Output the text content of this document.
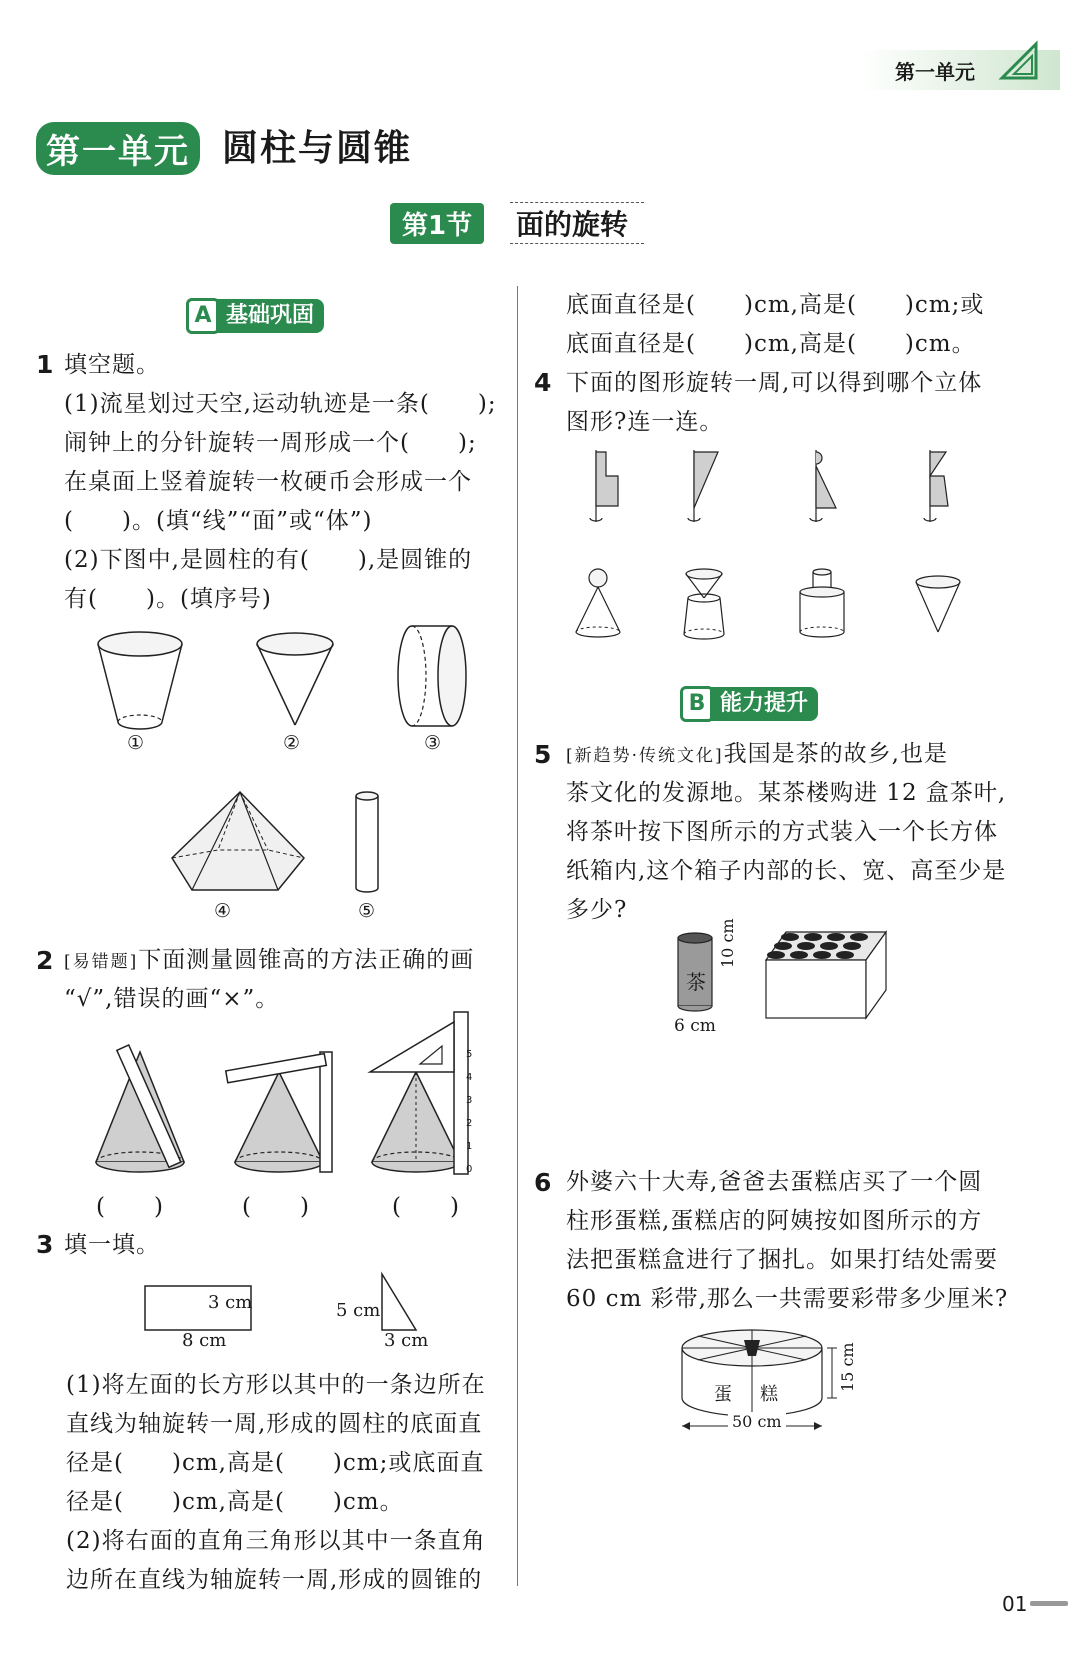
第一单元
第一单元 圆柱与圆锥
第1节	面的旋转
A 基础巩固
1 填空题。
(1)流星划过天空,运动轨迹是一条(　　);
闹钟上的分针旋转一周形成一个(　　);
在桌面上竖着旋转一枚硬币会形成一个
(　　)。(填“线”“面”或“体”)
(2)下图中,是圆柱的有(　　),是圆锥的
有(　　)。(填序号)
①	②	③
④	⑤
2 [易错题]下面测量圆锥高的方法正确的画
“√”,错误的画“×”。
5
4
3
2
1
0
(　　)	(　　)	(　　)
3 填一填。
3 cm
8 cm
5 cm
3 cm
(1)将左面的长方形以其中的一条边所在
直线为轴旋转一周,形成的圆柱的底面直
径是(　　)cm,高是(　　)cm;或底面直
径是(　　)cm,高是(　　)cm。
(2)将右面的直角三角形以其中一条直角
边所在直线为轴旋转一周,形成的圆锥的
底面直径是(　　)cm,高是(　　)cm;或
底面直径是(　　)cm,高是(　　)cm。
4 下面的图形旋转一周,可以得到哪个立体
图形?连一连。
B 能力提升
5 [新趋势·传统文化]我国是茶的故乡,也是
茶文化的发源地。某茶楼购进 12 盒茶叶,
将茶叶按下图所示的方式装入一个长方体
纸箱内,这个箱子内部的长、宽、高至少是
多少?
茶
10 cm
6 cm
6 外婆六十大寿,爸爸去蛋糕店买了一个圆
柱形蛋糕,蛋糕店的阿姨按如图所示的方
法把蛋糕盒进行了捆扎。如果打结处需要
60 cm 彩带,那么一共需要彩带多少厘米?
蛋 糕
15 cm
50 cm
01
